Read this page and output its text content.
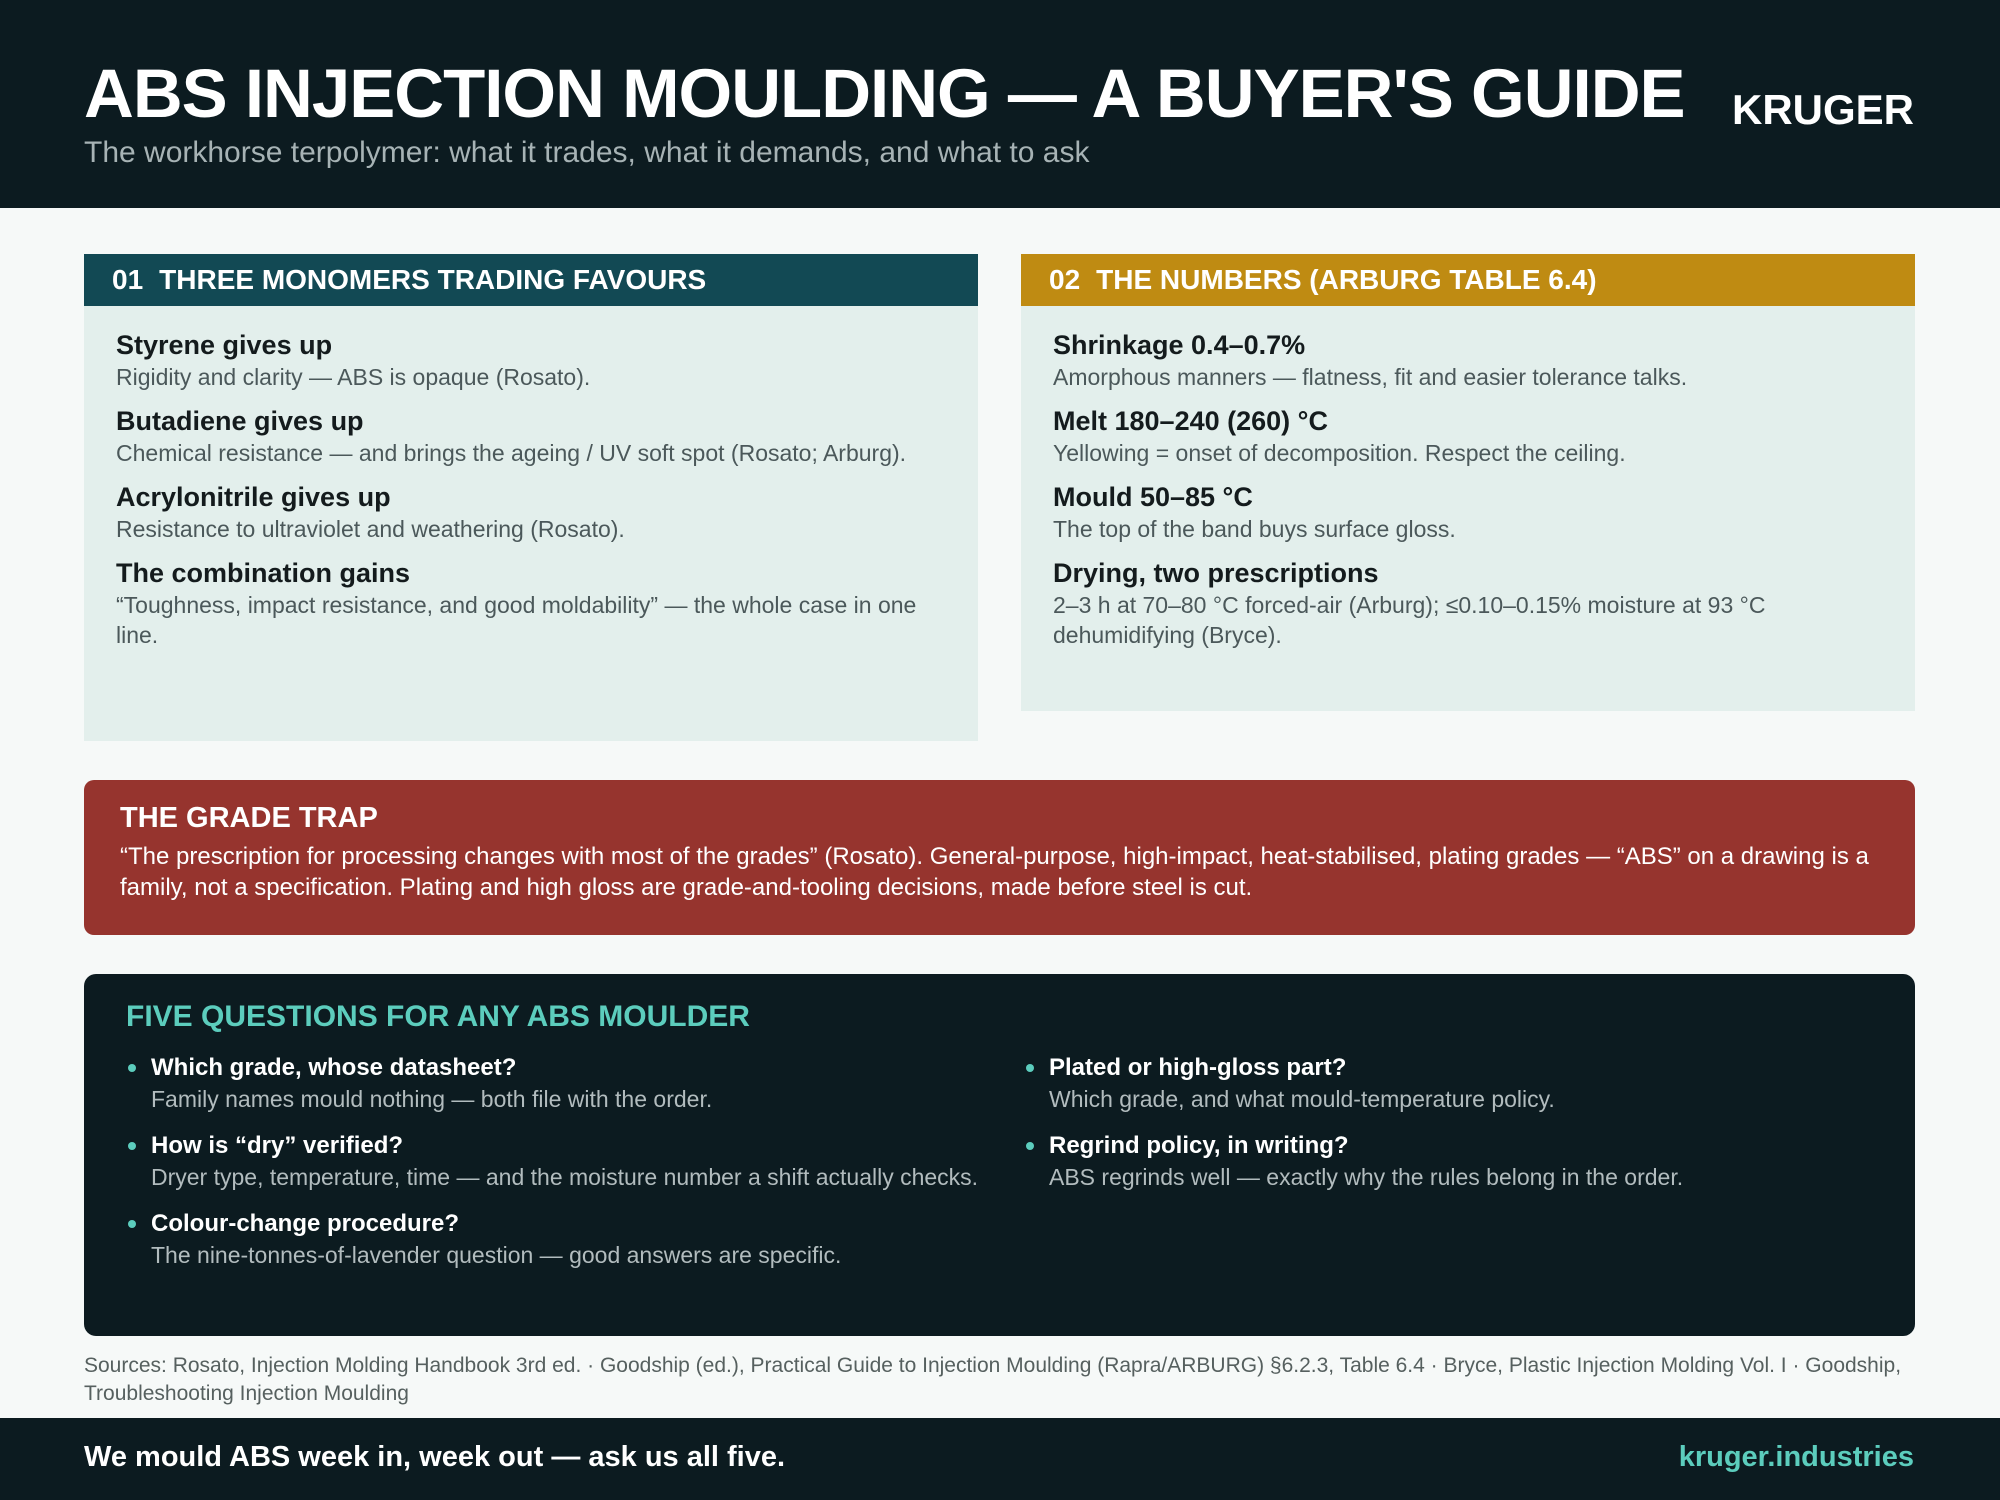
ABS INJECTION MOULDING — A BUYER'S GUIDE
The workhorse terpolymer: what it trades, what it demands, and what to ask
KRUGER
01 THREE MONOMERS TRADING FAVOURS
Styrene gives up
Rigidity and clarity — ABS is opaque (Rosato).
Butadiene gives up
Chemical resistance — and brings the ageing / UV soft spot (Rosato; Arburg).
Acrylonitrile gives up
Resistance to ultraviolet and weathering (Rosato).
The combination gains
“Toughness, impact resistance, and good moldability” — the whole case in one line.
02 THE NUMBERS (ARBURG TABLE 6.4)
Shrinkage 0.4–0.7%
Amorphous manners — flatness, fit and easier tolerance talks.
Melt 180–240 (260) °C
Yellowing = onset of decomposition. Respect the ceiling.
Mould 50–85 °C
The top of the band buys surface gloss.
Drying, two prescriptions
2–3 h at 70–80 °C forced-air (Arburg); ≤0.10–0.15% moisture at 93 °C dehumidifying (Bryce).
THE GRADE TRAP
“The prescription for processing changes with most of the grades” (Rosato). General-purpose, high-impact, heat-stabilised, plating grades — “ABS” on a drawing is a family, not a specification. Plating and high gloss are grade-and-tooling decisions, made before steel is cut.
FIVE QUESTIONS FOR ANY ABS MOULDER
Which grade, whose datasheet?
Family names mould nothing — both file with the order.
How is “dry” verified?
Dryer type, temperature, time — and the moisture number a shift actually checks.
Colour-change procedure?
The nine-tonnes-of-lavender question — good answers are specific.
Plated or high-gloss part?
Which grade, and what mould-temperature policy.
Regrind policy, in writing?
ABS regrinds well — exactly why the rules belong in the order.
Sources: Rosato, Injection Molding Handbook 3rd ed. · Goodship (ed.), Practical Guide to Injection Moulding (Rapra/ARBURG) §6.2.3, Table 6.4 · Bryce, Plastic Injection Molding Vol. I · Goodship, Troubleshooting Injection Moulding
We mould ABS week in, week out — ask us all five.	kruger.industries
